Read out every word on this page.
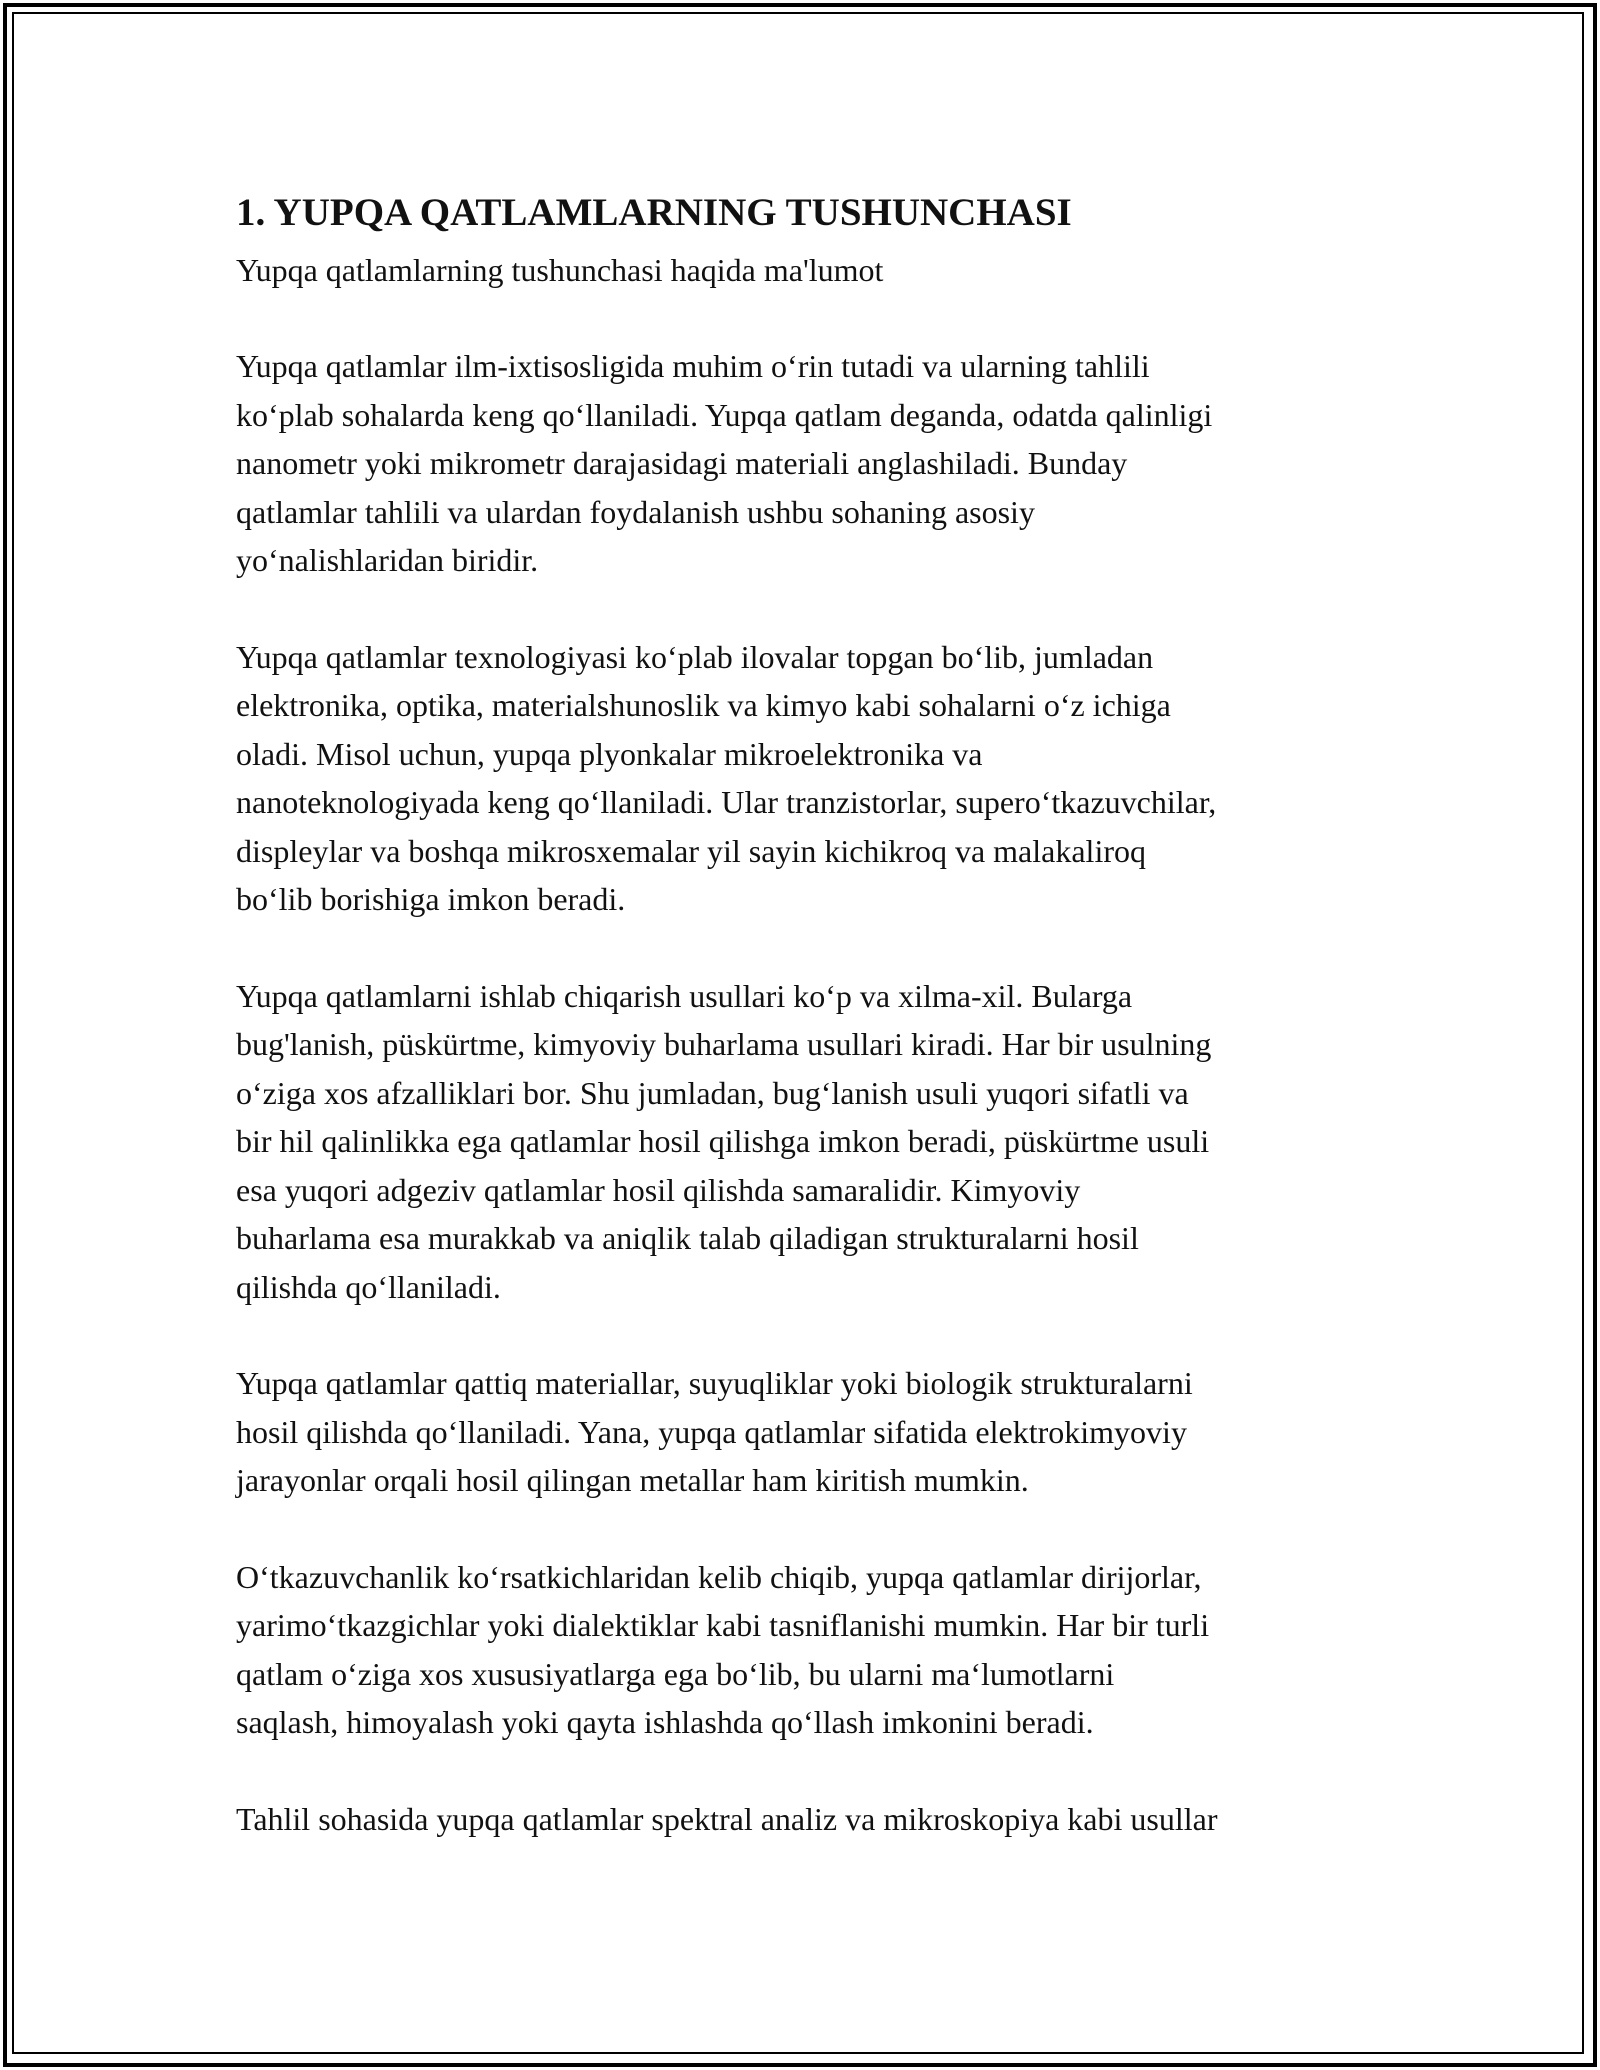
1. YUPQA QATLAMLARNING TUSHUNCHASI

Yupqa qatlamlarning tushunchasi haqida ma'lumot

Yupqa qatlamlar ilm-ixtisosligida muhim o‘rin tutadi va ularning tahlili
ko‘plab sohalarda keng qo‘llaniladi. Yupqa qatlam deganda, odatda qalinligi
nanometr yoki mikrometr darajasidagi materiali anglashiladi. Bunday
qatlamlar tahlili va ulardan foydalanish ushbu sohaning asosiy
yo‘nalishlaridan biridir.

Yupqa qatlamlar texnologiyasi ko‘plab ilovalar topgan bo‘lib, jumladan
elektronika, optika, materialshunoslik va kimyo kabi sohalarni o‘z ichiga
oladi. Misol uchun, yupqa plyonkalar mikroelektronika va
nanoteknologiyada keng qo‘llaniladi. Ular tranzistorlar, supero‘tkazuvchilar,
displeylar va boshqa mikrosxemalar yil sayin kichikroq va malakaliroq
bo‘lib borishiga imkon beradi.

Yupqa qatlamlarni ishlab chiqarish usullari ko‘p va xilma-xil. Bularga
bug'lanish, püskürtme, kimyoviy buharlama usullari kiradi. Har bir usulning
o‘ziga xos afzalliklari bor. Shu jumladan, bug‘lanish usuli yuqori sifatli va
bir hil qalinlikka ega qatlamlar hosil qilishga imkon beradi, püskürtme usuli
esa yuqori adgeziv qatlamlar hosil qilishda samaralidir. Kimyoviy
buharlama esa murakkab va aniqlik talab qiladigan strukturalarni hosil
qilishda qo‘llaniladi.

Yupqa qatlamlar qattiq materiallar, suyuqliklar yoki biologik strukturalarni
hosil qilishda qo‘llaniladi. Yana, yupqa qatlamlar sifatida elektrokimyoviy
jarayonlar orqali hosil qilingan metallar ham kiritish mumkin.

O‘tkazuvchanlik ko‘rsatkichlaridan kelib chiqib, yupqa qatlamlar dirijorlar,
yarimo‘tkazgichlar yoki dialektiklar kabi tasniflanishi mumkin. Har bir turli
qatlam o‘ziga xos xususiyatlarga ega bo‘lib, bu ularni ma‘lumotlarni
saqlash, himoyalash yoki qayta ishlashda qo‘llash imkonini beradi.

Tahlil sohasida yupqa qatlamlar spektral analiz va mikroskopiya kabi usullar
